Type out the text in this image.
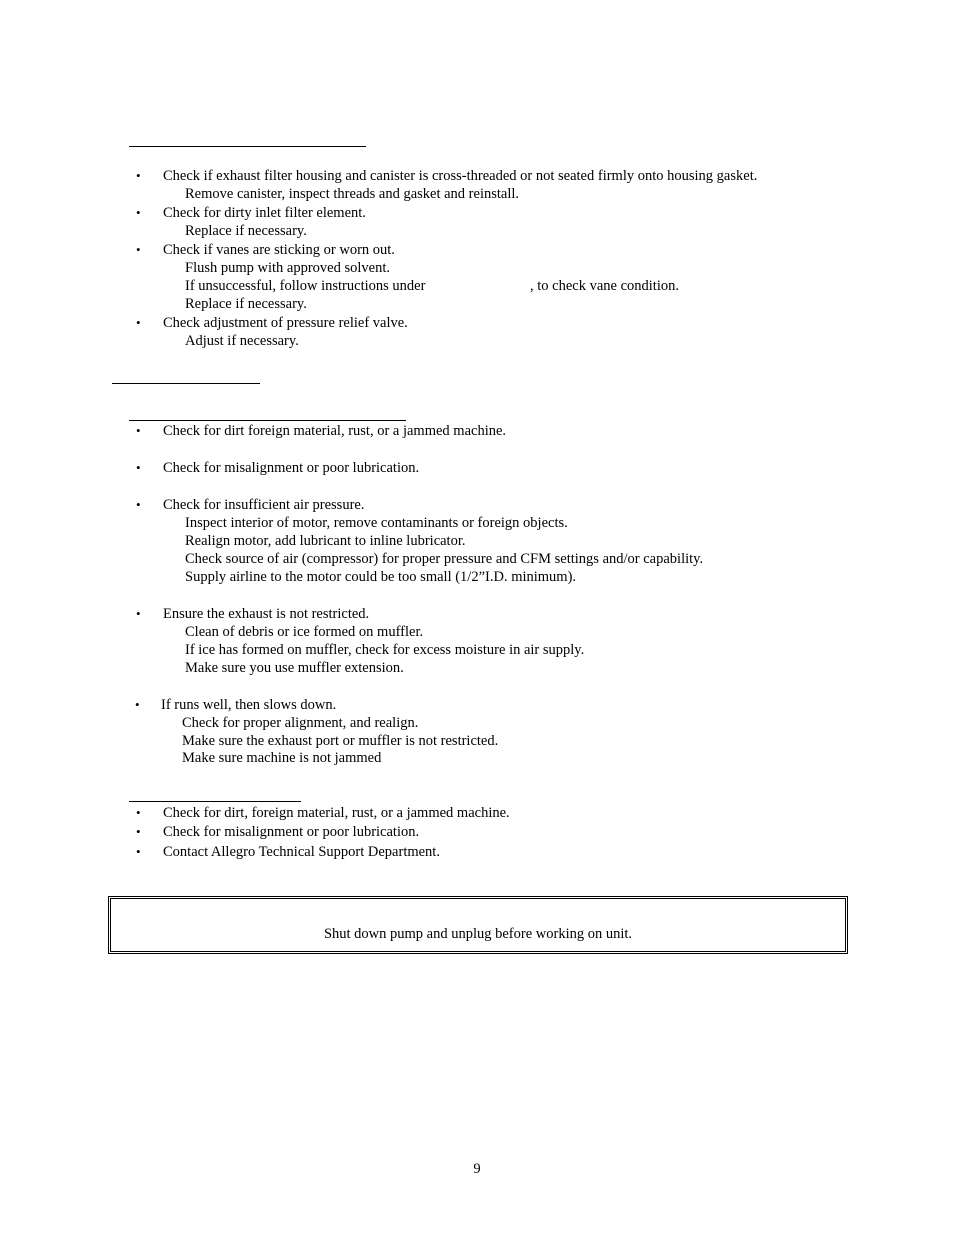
• Check if exhaust filter housing and canister is cross-threaded or not seated firmly onto housing gasket.
Remove canister, inspect threads and gasket and reinstall.
• Check for dirty inlet filter element.
Replace if necessary.
• Check if vanes are sticking or worn out.
Flush pump with approved solvent.
If unsuccessful, follow instructions under	, to check vane condition.
Replace if necessary.
• Check adjustment of pressure relief valve.
Adjust if necessary.
• Check for dirt foreign material, rust, or a jammed machine.
• Check for misalignment or poor lubrication.
• Check for insufficient air pressure.
Inspect interior of motor, remove contaminants or foreign objects.
Realign motor, add lubricant to inline lubricator.
Check source of air (compressor) for proper pressure and CFM settings and/or capability.
Supply airline to the motor could be too small (1/2”I.D. minimum).
• Ensure the exhaust is not restricted.
Clean of debris or ice formed on muffler.
If ice has formed on muffler, check for excess moisture in air supply.
Make sure you use muffler extension.
• If runs well, then slows down.
Check for proper alignment, and realign.
Make sure the exhaust port or muffler is not restricted.
Make sure machine is not jammed
• Check for dirt, foreign material, rust, or a jammed machine.
• Check for misalignment or poor lubrication.
• Contact Allegro Technical Support Department.
Shut down pump and unplug before working on unit.
9
